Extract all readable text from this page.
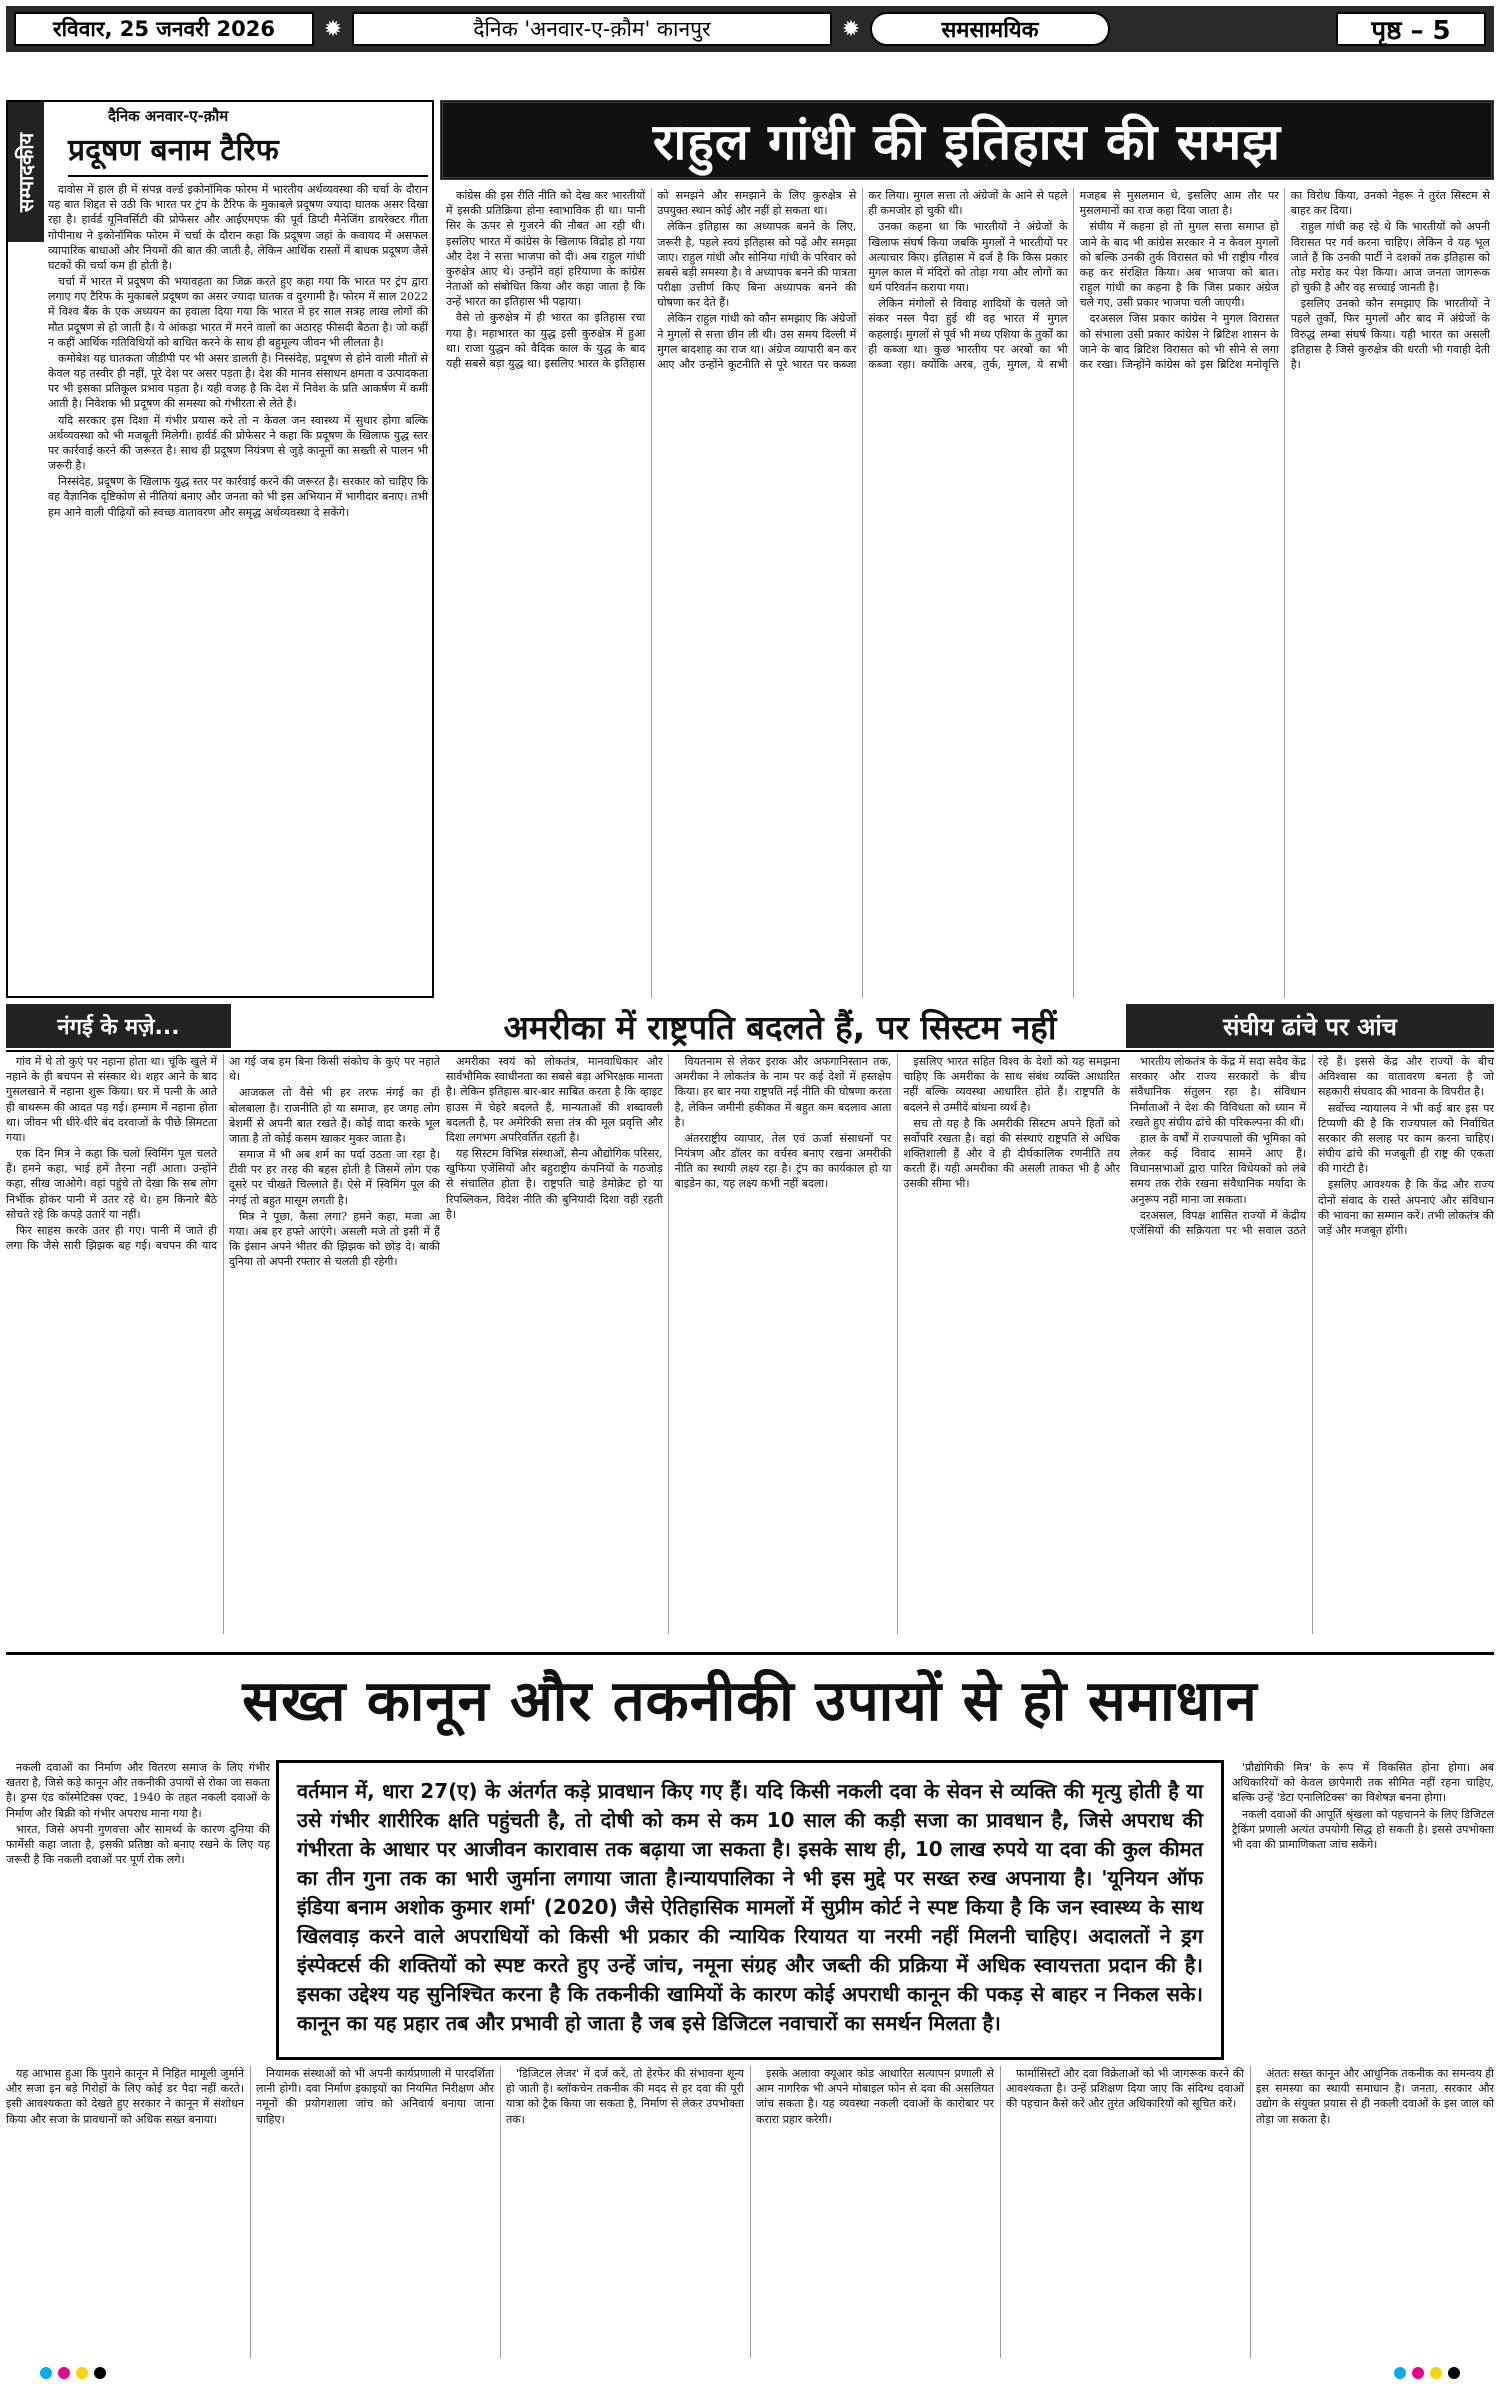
रविवार, 25 जनवरी 2026	✹	दैनिक 'अनवार-ए-क़ौम' कानपुर	✹	समसामयिक	पृष्ठ – 5
सम्पादकीय
दैनिक अनवार-ए-क़ौम
प्रदूषण बनाम टैरिफ

दावोस में हाल ही में संपन्न वर्ल्ड इकोनॉमिक फोरम में भारतीय अर्थव्यवस्था की चर्चा के दौरान यह बात शिद्दत से उठी कि भारत पर ट्रंप के टैरिफ के मुकाबले प्रदूषण ज्यादा घातक असर दिखा रहा है। हार्वर्ड यूनिवर्सिटी की प्रोफेसर और आईएमएफ की पूर्व डिप्टी मैनेजिंग डायरेक्टर गीता गोपीनाथ ने इकोनॉमिक फोरम में चर्चा के दौरान कहा कि प्रदूषण जहां के कवायद में असफल व्यापारिक बाधाओं और नियमों की बात की जाती है, लेकिन आर्थिक रास्तों में बाधक प्रदूषण जैसे घटकों की चर्चा कम ही होती है।

चर्चा में भारत में प्रदूषण की भयावहता का जिक्र करते हुए कहा गया कि भारत पर ट्रंप द्वारा लगाए गए टैरिफ के मुकाबले प्रदूषण का असर ज्यादा घातक व दुरगामी है। फोरम में साल 2022 में विश्व बैंक के एक अध्ययन का हवाला दिया गया कि भारत में हर साल सत्रह लाख लोगों की मौत प्रदूषण से हो जाती है। ये आंकड़ा भारत में मरने वालों का अठारह फीसदी बैठता है। जो कहीं न कहीं आर्थिक गतिविधियों को बाधित करने के साथ ही बहुमूल्य जीवन भी लीलता है।

कमोबेश यह घातकता जीडीपी पर भी असर डालती है। निस्संदेह, प्रदूषण से होने वाली मौतों से केवल यह तस्वीर ही नहीं, पूरे देश पर असर पड़ता है। देश की मानव संसाधन क्षमता व उत्पादकता पर भी इसका प्रतिकूल प्रभाव पड़ता है। यही वजह है कि देश में निवेश के प्रति आकर्षण में कमी आती है। निवेशक भी प्रदूषण की समस्या को गंभीरता से लेते हैं।

यदि सरकार इस दिशा में गंभीर प्रयास करे तो न केवल जन स्वास्थ्य में सुधार होगा बल्कि अर्थव्यवस्था को भी मजबूती मिलेगी। हार्वर्ड की प्रोफेसर ने कहा कि प्रदूषण के खिलाफ युद्ध स्तर पर कार्रवाई करने की जरूरत है। साथ ही प्रदूषण नियंत्रण से जुड़े कानूनों का सख्ती से पालन भी जरूरी है।

निस्संदेह, प्रदूषण के खिलाफ युद्ध स्तर पर कार्रवाई करने की जरूरत है। सरकार को चाहिए कि वह वैज्ञानिक दृष्टिकोण से नीतियां बनाए और जनता को भी इस अभियान में भागीदार बनाए। तभी हम आने वाली पीढ़ियों को स्वच्छ वातावरण और समृद्ध अर्थव्यवस्था दे सकेंगे।

राहुल गांधी की इतिहास की समझ

कांग्रेस की इस रीति नीति को देख कर भारतीयों में इसकी प्रतिक्रिया होना स्वाभाविक ही था। पानी सिर के ऊपर से गुजरने की नौबत आ रही थी। इसलिए भारत में कांग्रेस के खिलाफ विद्रोह हो गया और देश ने सत्ता भाजपा को दी। अब राहुल गांधी कुरुक्षेत्र आए थे। उन्होंने वहां हरियाणा के कांग्रेस नेताओं को संबोधित किया और कहा जाता है कि उन्हें भारत का इतिहास भी पढ़ाया।

वैसे तो कुरुक्षेत्र में ही भारत का इतिहास रचा गया है। महाभारत का युद्ध इसी कुरुक्षेत्र में हुआ था। राजा युद्धन को वैदिक काल के युद्ध के बाद यही सबसे बड़ा युद्ध था। इसलिए भारत के इतिहास को समझने और समझाने के लिए कुरुक्षेत्र से उपयुक्त स्थान कोई और नहीं हो सकता था।

लेकिन इतिहास का अध्यापक बनने के लिए, जरूरी है, पहले स्वयं इतिहास को पढ़ें और समझा जाए। राहुल गांधी और सोनिया गांधी के परिवार को सबसे बड़ी समस्या है। वे अध्यापक बनने की पात्रता परीक्षा उत्तीर्ण किए बिना अध्यापक बनने की घोषणा कर देते हैं।

लेकिन राहुल गांधी को कौन समझाए कि अंग्रेजों ने मुगलों से सत्ता छीन ली थी। उस समय दिल्ली में मुगल बादशाह का राज था। अंग्रेज व्यापारी बन कर आए और उन्होंने कूटनीति से पूरे भारत पर कब्जा कर लिया। मुगल सत्ता तो अंग्रेजों के आने से पहले ही कमजोर हो चुकी थी।

उनका कहना था कि भारतीयों ने अंग्रेजों के खिलाफ संघर्ष किया जबकि मुगलों ने भारतीयों पर अत्याचार किए। इतिहास में दर्ज है कि किस प्रकार मुगल काल में मंदिरों को तोड़ा गया और लोगों का धर्म परिवर्तन कराया गया।

लेकिन मंगोलों से विवाह शादियों के चलते जो संकर नस्ल पैदा हुई थी वह भारत में मुगल कहलाई। मुगलों से पूर्व भी मध्य एशिया के तुर्कों का ही कब्जा था। कुछ भारतीय पर अरबों का भी कब्जा रहा। क्योंकि अरब, तुर्क, मुगल, ये सभी मजहब से मुसलमान थे, इसलिए आम तौर पर मुसलमानों का राज कहा दिया जाता है।

संघीय में कहना हो तो मुगल सत्ता समाप्त हो जाने के बाद भी कांग्रेस सरकार ने न केवल मुगलों को बल्कि उनकी तुर्क विरासत को भी राष्ट्रीय गौरव कह कर संरक्षित किया। अब भाजपा को बात। राहुल गांधी का कहना है कि जिस प्रकार अंग्रेज चले गए, उसी प्रकार भाजपा चली जाएगी।

दरअसल जिस प्रकार कांग्रेस ने मुगल विरासत को संभाला उसी प्रकार कांग्रेस ने ब्रिटिश शासन के जाने के बाद ब्रिटिश विरासत को भी सीने से लगा कर रखा। जिन्होंने कांग्रेस को इस ब्रिटिश मनोवृत्ति का विरोध किया, उनको नेहरू ने तुरंत सिस्टम से बाहर कर दिया।

राहुल गांधी कह रहे थे कि भारतीयों को अपनी विरासत पर गर्व करना चाहिए। लेकिन वे यह भूल जाते हैं कि उनकी पार्टी ने दशकों तक इतिहास को तोड़ मरोड़ कर पेश किया। आज जनता जागरूक हो चुकी है और वह सच्चाई जानती है।

इसलिए उनको कौन समझाए कि भारतीयों ने पहले तुर्कों, फिर मुगलों और बाद में अंग्रेजों के विरुद्ध लम्बा संघर्ष किया। यही भारत का असली इतिहास है जिसे कुरुक्षेत्र की धरती भी गवाही देती है।

नंगई के मज़े...	अमरीका में राष्ट्रपति बदलते हैं, पर सिस्टम नहीं	संघीय ढांचे पर आंच

गांव में थे तो कुएं पर नहाना होता था। चूंकि खुले में नहाने के ही बचपन से संस्कार थे। शहर आने के बाद गुसलखाने में नहाना शुरू किया। घर में पत्नी के आते ही बाथरूम की आदत पड़ गई। हम्माम में नहाना होता था। जीवन भी धीरे-धीरे बंद दरवाजों के पीछे सिमटता गया।

एक दिन मित्र ने कहा कि चलो स्विमिंग पूल चलते हैं। हमने कहा, भाई हमें तैरना नहीं आता। उन्होंने कहा, सीख जाओगे। वहां पहुंचे तो देखा कि सब लोग निर्भीक होकर पानी में उतर रहे थे। हम किनारे बैठे सोचते रहे कि कपड़े उतारें या नहीं।

फिर साहस करके उतर ही गए। पानी में जाते ही लगा कि जैसे सारी झिझक बह गई। बचपन की याद आ गई जब हम बिना किसी संकोच के कुएं पर नहाते थे।

आजकल तो वैसे भी हर तरफ नंगई का ही बोलबाला है। राजनीति हो या समाज, हर जगह लोग बेशर्मी से अपनी बात रखते हैं। कोई वादा करके भूल जाता है तो कोई कसम खाकर मुकर जाता है।

समाज में भी अब शर्म का पर्दा उठता जा रहा है। टीवी पर हर तरह की बहस होती है जिसमें लोग एक दूसरे पर चीखते चिल्लाते हैं। ऐसे में स्विमिंग पूल की नंगई तो बहुत मासूम लगती है।

मित्र ने पूछा, कैसा लगा? हमने कहा, मजा आ गया। अब हर हफ्ते आएंगे। असली मजे तो इसी में हैं कि इंसान अपने भीतर की झिझक को छोड़ दे। बाकी दुनिया तो अपनी रफ्तार से चलती ही रहेगी।

अमरीका स्वयं को लोकतंत्र, मानवाधिकार और सार्वभौमिक स्वाधीनता का सबसे बड़ा अभिरक्षक मानता है। लेकिन इतिहास बार-बार साबित करता है कि व्हाइट हाउस में चेहरे बदलते हैं, मान्यताओं की शब्दावली बदलती है, पर अमेरिकी सत्ता तंत्र की मूल प्रवृत्ति और दिशा लगभग अपरिवर्तित रहती है।

यह सिस्टम विभिन्न संस्थाओं, सैन्य औद्योगिक परिसर, खुफिया एजेंसियों और बहुराष्ट्रीय कंपनियों के गठजोड़ से संचालित होता है। राष्ट्रपति चाहे डेमोक्रेट हो या रिपब्लिकन, विदेश नीति की बुनियादी दिशा वही रहती है।

वियतनाम से लेकर इराक और अफगानिस्तान तक, अमरीका ने लोकतंत्र के नाम पर कई देशों में हस्तक्षेप किया। हर बार नया राष्ट्रपति नई नीति की घोषणा करता है, लेकिन जमीनी हकीकत में बहुत कम बदलाव आता है।

अंतरराष्ट्रीय व्यापार, तेल एवं ऊर्जा संसाधनों पर नियंत्रण और डॉलर का वर्चस्व बनाए रखना अमरीकी नीति का स्थायी लक्ष्य रहा है। ट्रंप का कार्यकाल हो या बाइडेन का, यह लक्ष्य कभी नहीं बदला।

इसलिए भारत सहित विश्व के देशों को यह समझना चाहिए कि अमरीका के साथ संबंध व्यक्ति आधारित नहीं बल्कि व्यवस्था आधारित होते हैं। राष्ट्रपति के बदलने से उम्मीदें बांधना व्यर्थ है।

सच तो यह है कि अमरीकी सिस्टम अपने हितों को सर्वोपरि रखता है। वहां की संस्थाएं राष्ट्रपति से अधिक शक्तिशाली हैं और वे ही दीर्घकालिक रणनीति तय करती हैं। यही अमरीका की असली ताकत भी है और उसकी सीमा भी।

भारतीय लोकतंत्र के केंद्र में सदा सदैव केंद्र सरकार और राज्य सरकारों के बीच संवैधानिक संतुलन रहा है। संविधान निर्माताओं ने देश की विविधता को ध्यान में रखते हुए संघीय ढांचे की परिकल्पना की थी।

हाल के वर्षों में राज्यपालों की भूमिका को लेकर कई विवाद सामने आए हैं। विधानसभाओं द्वारा पारित विधेयकों को लंबे समय तक रोके रखना संवैधानिक मर्यादा के अनुरूप नहीं माना जा सकता।

दरअसल, विपक्ष शासित राज्यों में केंद्रीय एजेंसियों की सक्रियता पर भी सवाल उठते रहे हैं। इससे केंद्र और राज्यों के बीच अविश्वास का वातावरण बनता है जो सहकारी संघवाद की भावना के विपरीत है।

सर्वोच्च न्यायालय ने भी कई बार इस पर टिप्पणी की है कि राज्यपाल को निर्वाचित सरकार की सलाह पर काम करना चाहिए। संघीय ढांचे की मजबूती ही राष्ट्र की एकता की गारंटी है।

इसलिए आवश्यक है कि केंद्र और राज्य दोनों संवाद के रास्ते अपनाएं और संविधान की भावना का सम्मान करें। तभी लोकतंत्र की जड़ें और मजबूत होंगी।

सख्त कानून और तकनीकी उपायों से हो समाधान

नकली दवाओं का निर्माण और वितरण समाज के लिए गंभीर खतरा है, जिसे कड़े कानून और तकनीकी उपायों से रोका जा सकता है। ड्रग्स एंड कॉस्मेटिक्स एक्ट, 1940 के तहत नकली दवाओं के निर्माण और बिक्री को गंभीर अपराध माना गया है।

भारत, जिसे अपनी गुणवत्ता और सामर्थ्य के कारण दुनिया की फार्मेसी कहा जाता है, इसकी प्रतिष्ठा को बनाए रखने के लिए यह जरूरी है कि नकली दवाओं पर पूर्ण रोक लगे।

वर्तमान में, धारा 27(ए) के अंतर्गत कड़े प्रावधान किए गए हैं। यदि किसी नकली दवा के सेवन से व्यक्ति की मृत्यु होती है या उसे गंभीर शारीरिक क्षति पहुंचती है, तो दोषी को कम से कम 10 साल की कड़ी सजा का प्रावधान है, जिसे अपराध की गंभीरता के आधार पर आजीवन कारावास तक बढ़ाया जा सकता है। इसके साथ ही, 10 लाख रुपये या दवा की कुल कीमत का तीन गुना तक का भारी जुर्माना लगाया जाता है।न्यायपालिका ने भी इस मुद्दे पर सख्त रुख अपनाया है। 'यूनियन ऑफ इंडिया बनाम अशोक कुमार शर्मा' (2020) जैसे ऐतिहासिक मामलों में सुप्रीम कोर्ट ने स्पष्ट किया है कि जन स्वास्थ्य के साथ खिलवाड़ करने वाले अपराधियों को किसी भी प्रकार की न्यायिक रियायत या नरमी नहीं मिलनी चाहिए। अदालतों ने ड्रग इंस्पेक्टर्स की शक्तियों को स्पष्ट करते हुए उन्हें जांच, नमूना संग्रह और जब्ती की प्रक्रिया में अधिक स्वायत्तता प्रदान की है। इसका उद्देश्य यह सुनिश्चित करना है कि तकनीकी खामियों के कारण कोई अपराधी कानून की पकड़ से बाहर न निकल सके। कानून का यह प्रहार तब और प्रभावी हो जाता है जब इसे डिजिटल नवाचारों का समर्थन मिलता है।

'प्रौद्योगिकी मित्र' के रूप में विकसित होना होगा। अब अधिकारियों को केवल छापेमारी तक सीमित नहीं रहना चाहिए, बल्कि उन्हें 'डेटा एनालिटिक्स' का विशेषज्ञ बनना होगा।

नकली दवाओं की आपूर्ति श्रृंखला को पहचानने के लिए डिजिटल ट्रैकिंग प्रणाली अत्यंत उपयोगी सिद्ध हो सकती है। इससे उपभोक्ता भी दवा की प्रामाणिकता जांच सकेंगे।

यह आभास हुआ कि पुराने कानून में निहित मामूली जुर्माने और सजा इन बड़े गिरोहों के लिए कोई डर पैदा नहीं करते। इसी आवश्यकता को देखते हुए सरकार ने कानून में संशोधन किया और सजा के प्रावधानों को अधिक सख्त बनाया।

नियामक संस्थाओं को भी अपनी कार्यप्रणाली में पारदर्शिता लानी होगी। दवा निर्माण इकाइयों का नियमित निरीक्षण और नमूनों की प्रयोगशाला जांच को अनिवार्य बनाया जाना चाहिए।

'डिजिटल लेजर' में दर्ज करें, तो हेरफेर की संभावना शून्य हो जाती है। ब्लॉकचेन तकनीक की मदद से हर दवा की पूरी यात्रा को ट्रैक किया जा सकता है, निर्माण से लेकर उपभोक्ता तक।

इसके अलावा क्यूआर कोड आधारित सत्यापन प्रणाली से आम नागरिक भी अपने मोबाइल फोन से दवा की असलियत जांच सकता है। यह व्यवस्था नकली दवाओं के कारोबार पर करारा प्रहार करेगी।

फार्मासिस्टों और दवा विक्रेताओं को भी जागरूक करने की आवश्यकता है। उन्हें प्रशिक्षण दिया जाए कि संदिग्ध दवाओं की पहचान कैसे करें और तुरंत अधिकारियों को सूचित करें।

अंततः सख्त कानून और आधुनिक तकनीक का समन्वय ही इस समस्या का स्थायी समाधान है। जनता, सरकार और उद्योग के संयुक्त प्रयास से ही नकली दवाओं के इस जाल को तोड़ा जा सकता है।
